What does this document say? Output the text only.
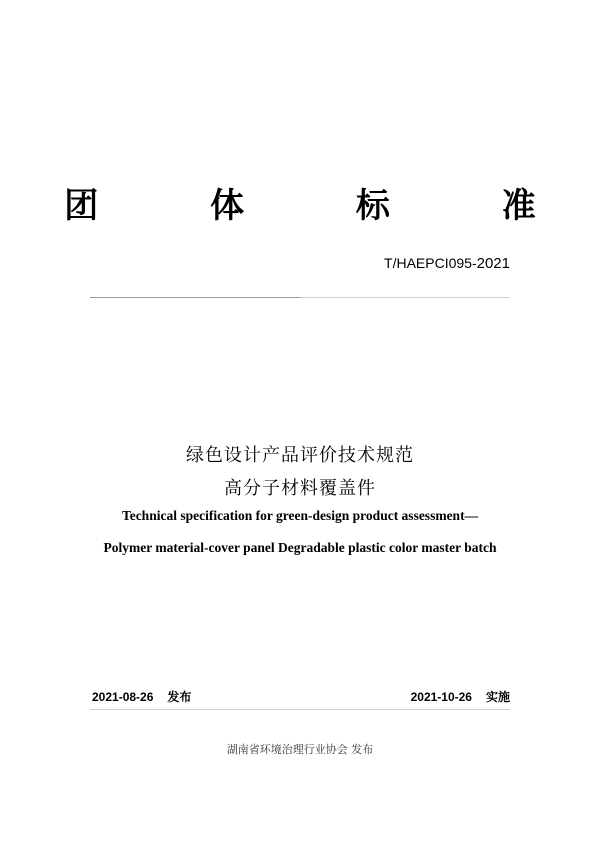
团 体 标 准
T/HAEPCI095-2021
绿色设计产品评价技术规范
高分子材料覆盖件
Technical specification for green-design product assessment—
Polymer material-cover panel Degradable plastic color master batch
2021-08-26 发布	2021-10-26 实施
湖南省环境治理行业协会 发布
